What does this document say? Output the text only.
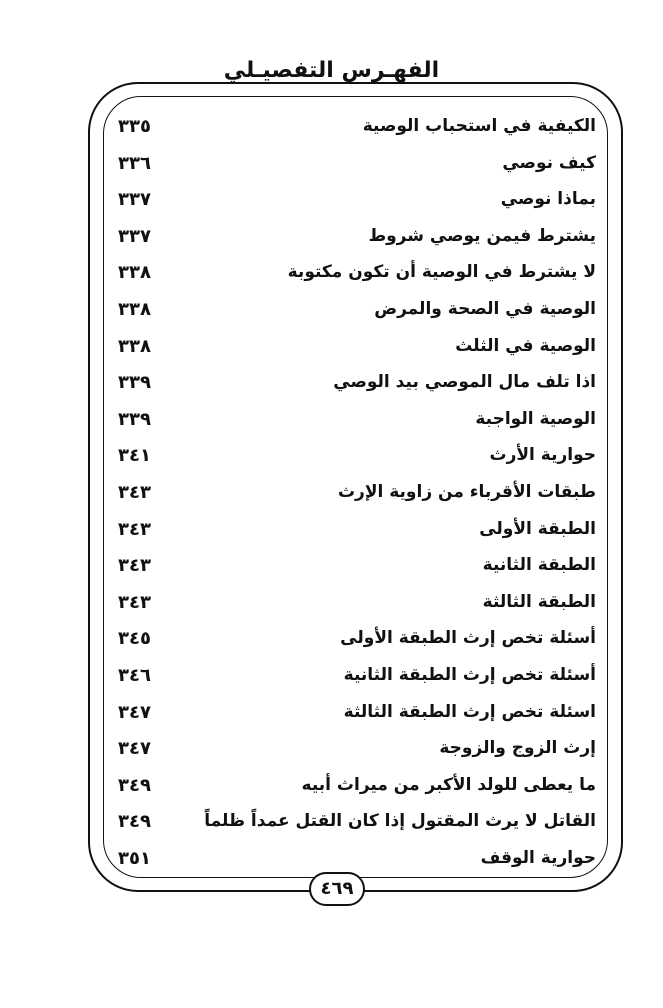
الفهـرس التفصيـلي
الكيفية في استحباب الوصية
٣٣٥
كيف نوصي
٣٣٦
بماذا نوصي
٣٣٧
يشترط فيمن يوصي شروط
٣٣٧
لا يشترط في الوصية أن تكون مكتوبة
٣٣٨
الوصية في الصحة والمرض
٣٣٨
الوصية في الثلث
٣٣٨
اذا تلف مال الموصي بيد الوصي
٣٣٩
الوصية الواجبة
٣٣٩
حوارية الأرث
٣٤١
طبقات الأقرباء من زاوية الإرث
٣٤٣
الطبقة الأولى
٣٤٣
الطبقة الثانية
٣٤٣
الطبقة الثالثة
٣٤٣
أسئلة تخص إرث الطبقة الأولى
٣٤٥
أسئلة تخص إرث الطبقة الثانية
٣٤٦
اسئلة تخص إرث الطبقة الثالثة
٣٤٧
إرث الزوج والزوجة
٣٤٧
ما يعطى للولد الأكبر من ميراث أبيه
٣٤٩
القاتل لا يرث المقتول إذا كان القتل عمداً ظلماً
٣٤٩
حوارية الوقف
٣٥١
٤٦٩
